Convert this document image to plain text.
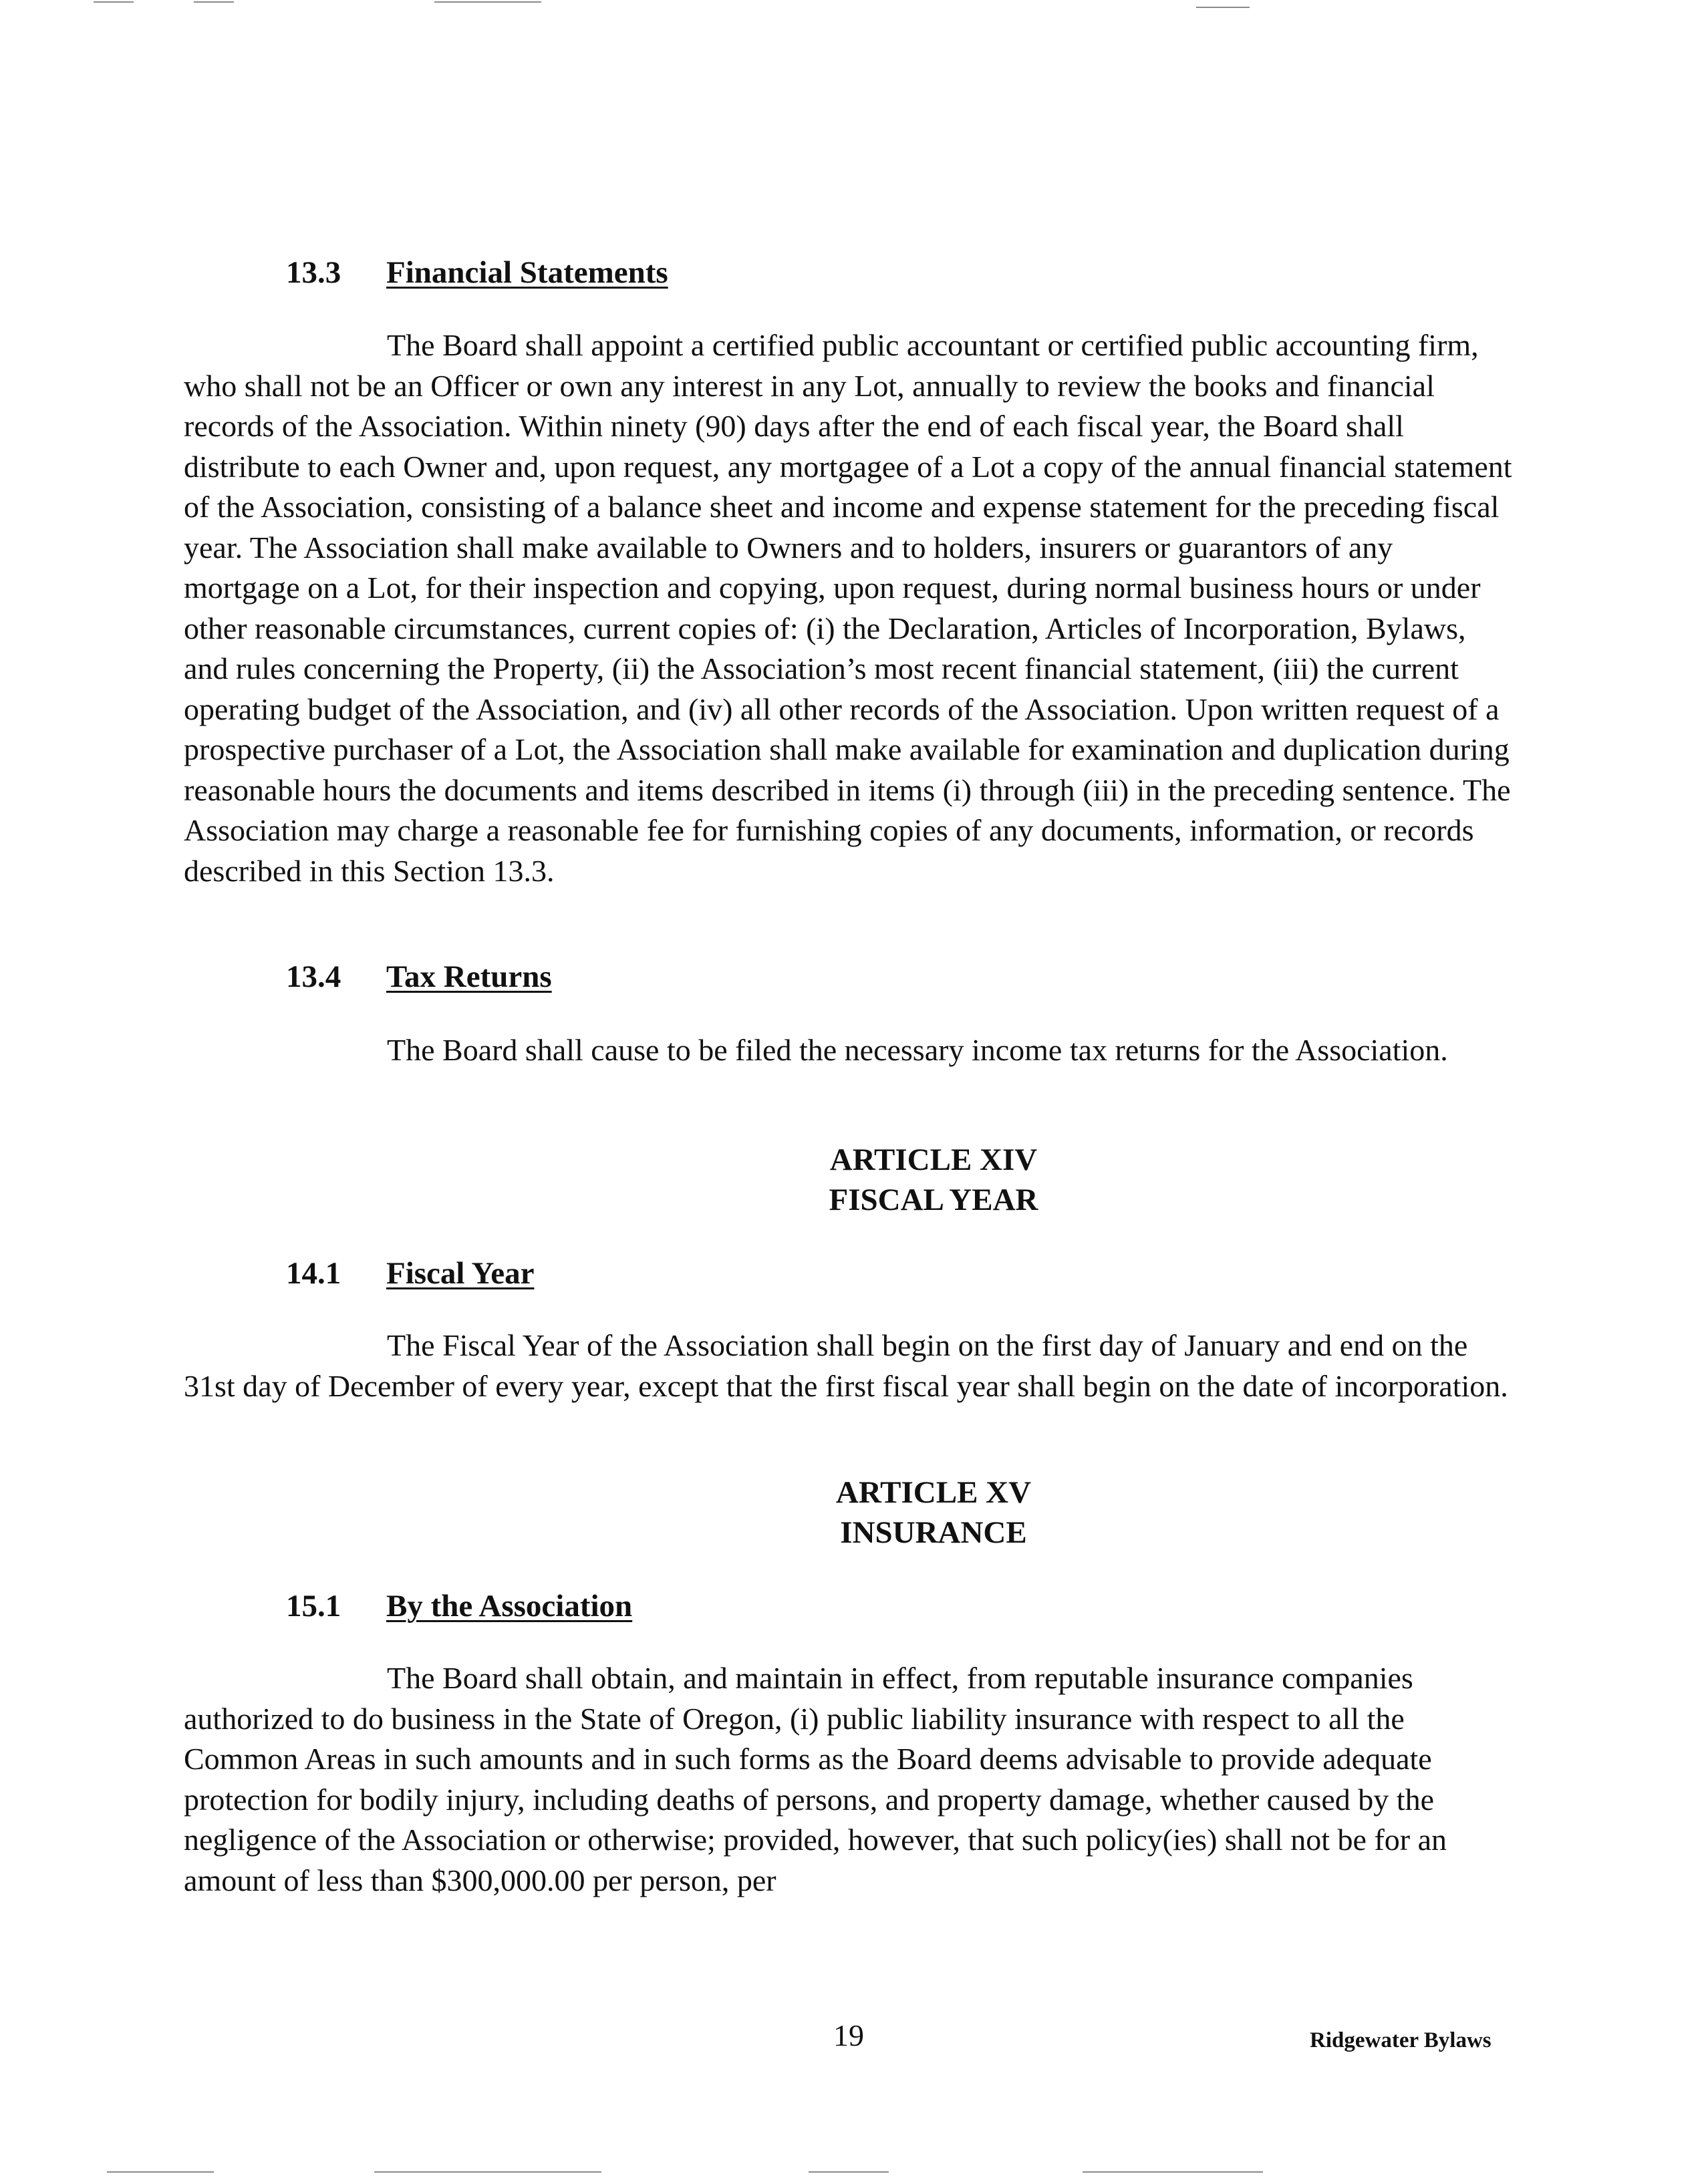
13.3 Financial Statements

The Board shall appoint a certified public accountant or certified public accounting firm, who shall not be an Officer or own any interest in any Lot, annually to review the books and financial records of the Association. Within ninety (90) days after the end of each fiscal year, the Board shall distribute to each Owner and, upon request, any mortgagee of a Lot a copy of the annual financial statement of the Association, consisting of a balance sheet and income and expense statement for the preceding fiscal year. The Association shall make available to Owners and to holders, insurers or guarantors of any mortgage on a Lot, for their inspection and copying, upon request, during normal business hours or under other reasonable circumstances, current copies of: (i) the Declaration, Articles of Incorporation, Bylaws, and rules concerning the Property, (ii) the Association’s most recent financial statement, (iii) the current operating budget of the Association, and (iv) all other records of the Association. Upon written request of a prospective purchaser of a Lot, the Association shall make available for examination and duplication during reasonable hours the documents and items described in items (i) through (iii) in the preceding sentence. The Association may charge a reasonable fee for furnishing copies of any documents, information, or records described in this Section 13.3.

13.4 Tax Returns

The Board shall cause to be filed the necessary income tax returns for the Association.

ARTICLE XIV
FISCAL YEAR
14.1 Fiscal Year

The Fiscal Year of the Association shall begin on the first day of January and end on the 31st day of December of every year, except that the first fiscal year shall begin on the date of incorporation.

ARTICLE XV
INSURANCE
15.1 By the Association

The Board shall obtain, and maintain in effect, from reputable insurance companies authorized to do business in the State of Oregon, (i) public liability insurance with respect to all the Common Areas in such amounts and in such forms as the Board deems advisable to provide adequate protection for bodily injury, including deaths of persons, and property damage, whether caused by the negligence of the Association or otherwise; provided, however, that such policy(ies) shall not be for an amount of less than $300,000.00 per person, per

19	Ridgewater Bylaws
